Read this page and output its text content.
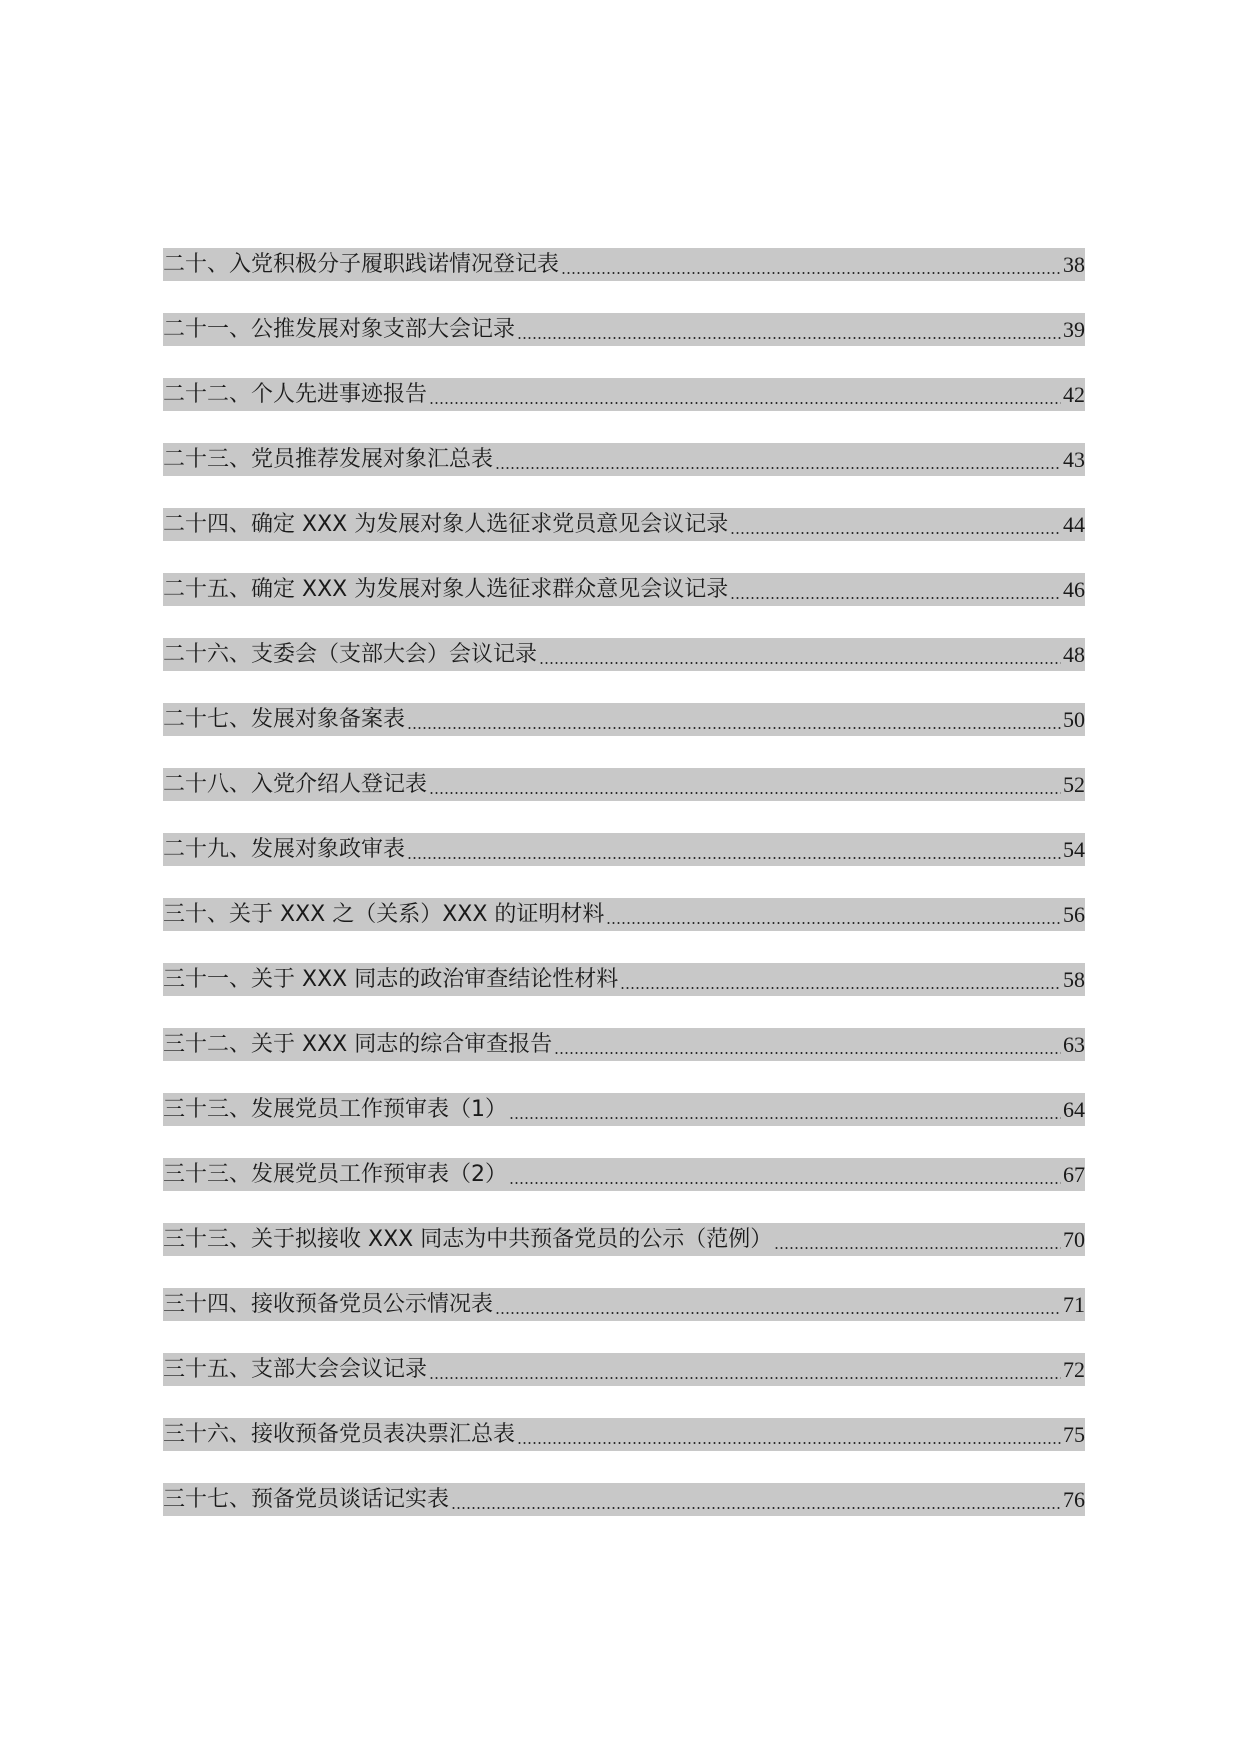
二十、入党积极分子履职践诺情况登记表	38
二十一、公推发展对象支部大会记录	39
二十二、个人先进事迹报告	42
二十三、党员推荐发展对象汇总表	43
二十四、确定 XXX 为发展对象人选征求党员意见会议记录	44
二十五、确定 XXX 为发展对象人选征求群众意见会议记录	46
二十六、支委会（支部大会）会议记录	48
二十七、发展对象备案表	50
二十八、入党介绍人登记表	52
二十九、发展对象政审表	54
三十、关于 XXX 之（关系）XXX 的证明材料	56
三十一、关于 XXX 同志的政治审查结论性材料	58
三十二、关于 XXX 同志的综合审查报告	63
三十三、发展党员工作预审表（1）	64
三十三、发展党员工作预审表（2）	67
三十三、关于拟接收 XXX 同志为中共预备党员的公示（范例）	70
三十四、接收预备党员公示情况表	71
三十五、支部大会会议记录	72
三十六、接收预备党员表决票汇总表	75
三十七、预备党员谈话记实表	76
